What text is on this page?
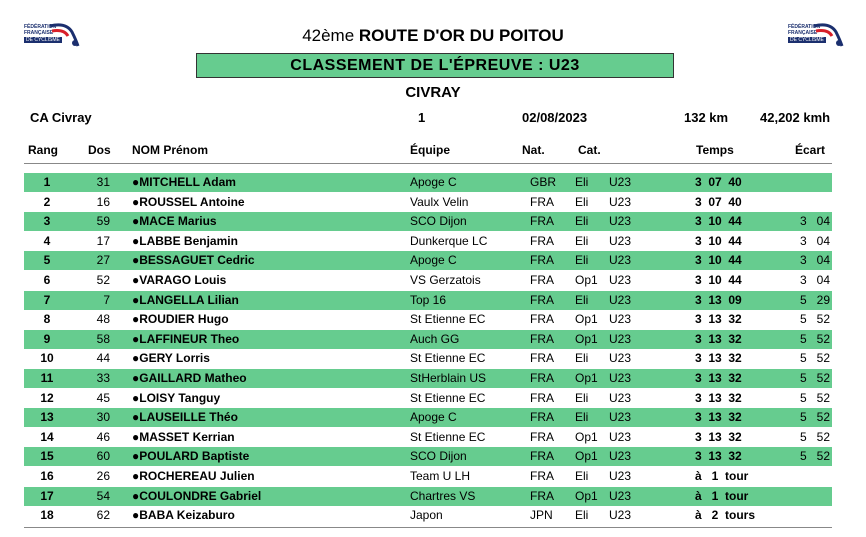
FÉDÉRATION
FRANÇAISE
DE CYCLISME
FÉDÉRATION
FRANÇAISE
DE CYCLISME
42ème ROUTE D'OR DU POITOU
CLASSEMENT DE L'ÉPREUVE : U23
CIVRAY
CA Civray	1	02/08/2023	132 km 42,202 kmh
Rang	Dos NOM Prénom	Équipe	Nat.	Cat.	Temps	Écart
1	31 ●MITCHELL Adam	Apoge C	GBR Eli U23	3  07  40
2	16 ●ROUSSEL Antoine	Vaulx Velin	FRA Eli U23	3  07  40
3	59 ●MACE Marius	SCO Dijon	FRA Eli U23	3  10  44	3   04
4	17 ●LABBE Benjamin	Dunkerque LC	FRA Eli U23	3  10  44	3   04
5	27 ●BESSAGUET Cedric	Apoge C	FRA Eli U23	3  10  44	3   04
6	52 ●VARAGO Louis	VS Gerzatois	FRA Op1 U23	3  10  44	3   04
7	7 ●LANGELLA Lilian	Top 16	FRA Eli U23	3  13  09	5   29
8	48 ●ROUDIER Hugo	St Etienne EC	FRA Op1 U23	3  13  32	5   52
9	58 ●LAFFINEUR Theo	Auch GG	FRA Op1 U23	3  13  32	5   52
10	44 ●GERY Lorris	St Etienne EC	FRA Eli U23	3  13  32	5   52
11	33 ●GAILLARD Matheo	StHerblain US	FRA Op1 U23	3  13  32	5   52
12	45 ●LOISY Tanguy	St Etienne EC	FRA Eli U23	3  13  32	5   52
13	30 ●LAUSEILLE Théo	Apoge C	FRA Eli U23	3  13  32	5   52
14	46 ●MASSET Kerrian	St Etienne EC	FRA Op1 U23	3  13  32	5   52
15	60 ●POULARD Baptiste	SCO Dijon	FRA Op1 U23	3  13  32	5   52
16	26 ●ROCHEREAU Julien	Team U LH	FRA Eli U23	à   1  tour
17	54 ●COULONDRE Gabriel	Chartres VS	FRA Op1 U23	à   1  tour
18	62 ●BABA Keizaburo	Japon	JPN Eli U23	à   2  tours
